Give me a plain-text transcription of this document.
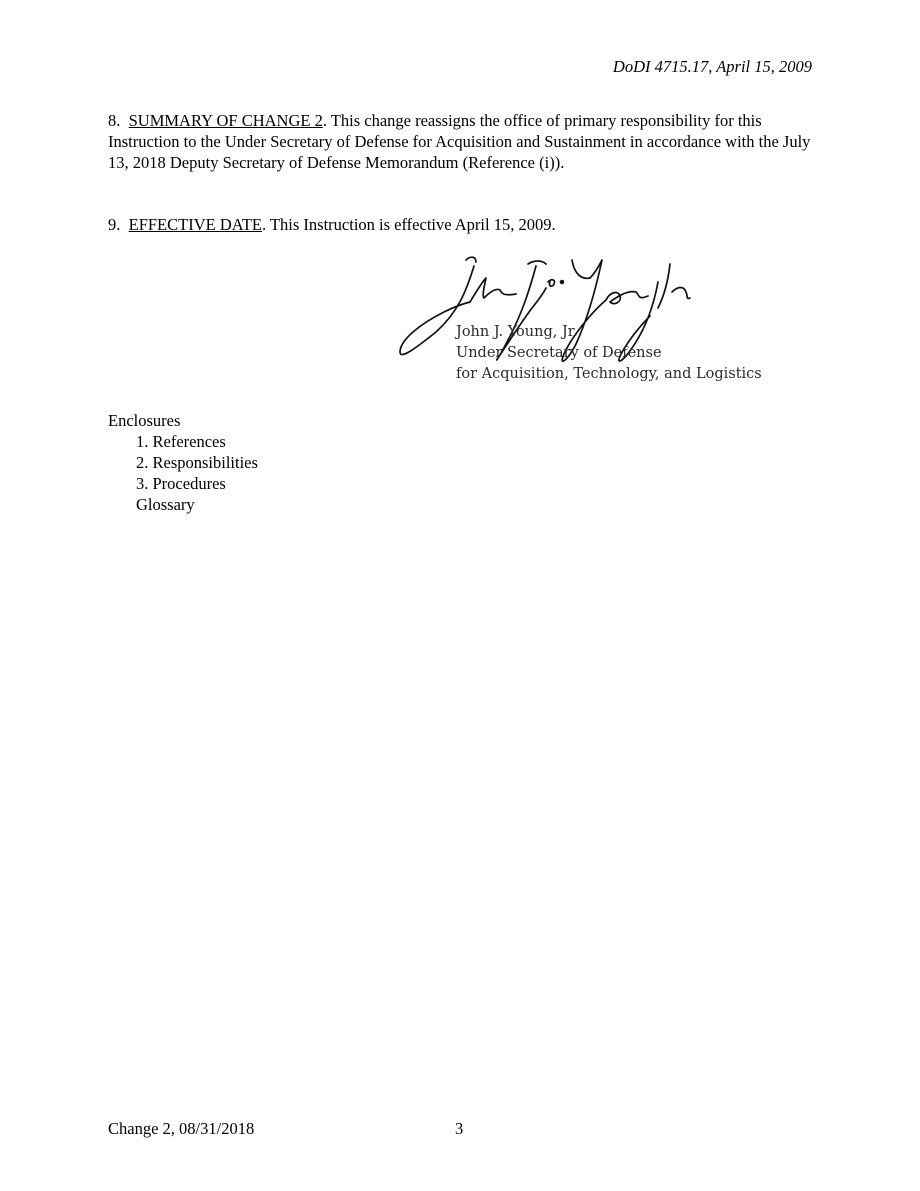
DoDI 4715.17, April 15, 2009
8. SUMMARY OF CHANGE 2. This change reassigns the office of primary responsibility for this Instruction to the Under Secretary of Defense for Acquisition and Sustainment in accordance with the July 13, 2018 Deputy Secretary of Defense Memorandum (Reference (i)).
9. EFFECTIVE DATE. This Instruction is effective April 15, 2009.
John J. Young, Jr.
Under Secretary of Defense
for Acquisition, Technology, and Logistics
Enclosures
1. References
2. Responsibilities
3. Procedures
Glossary
Change 2, 08/31/2018	3
